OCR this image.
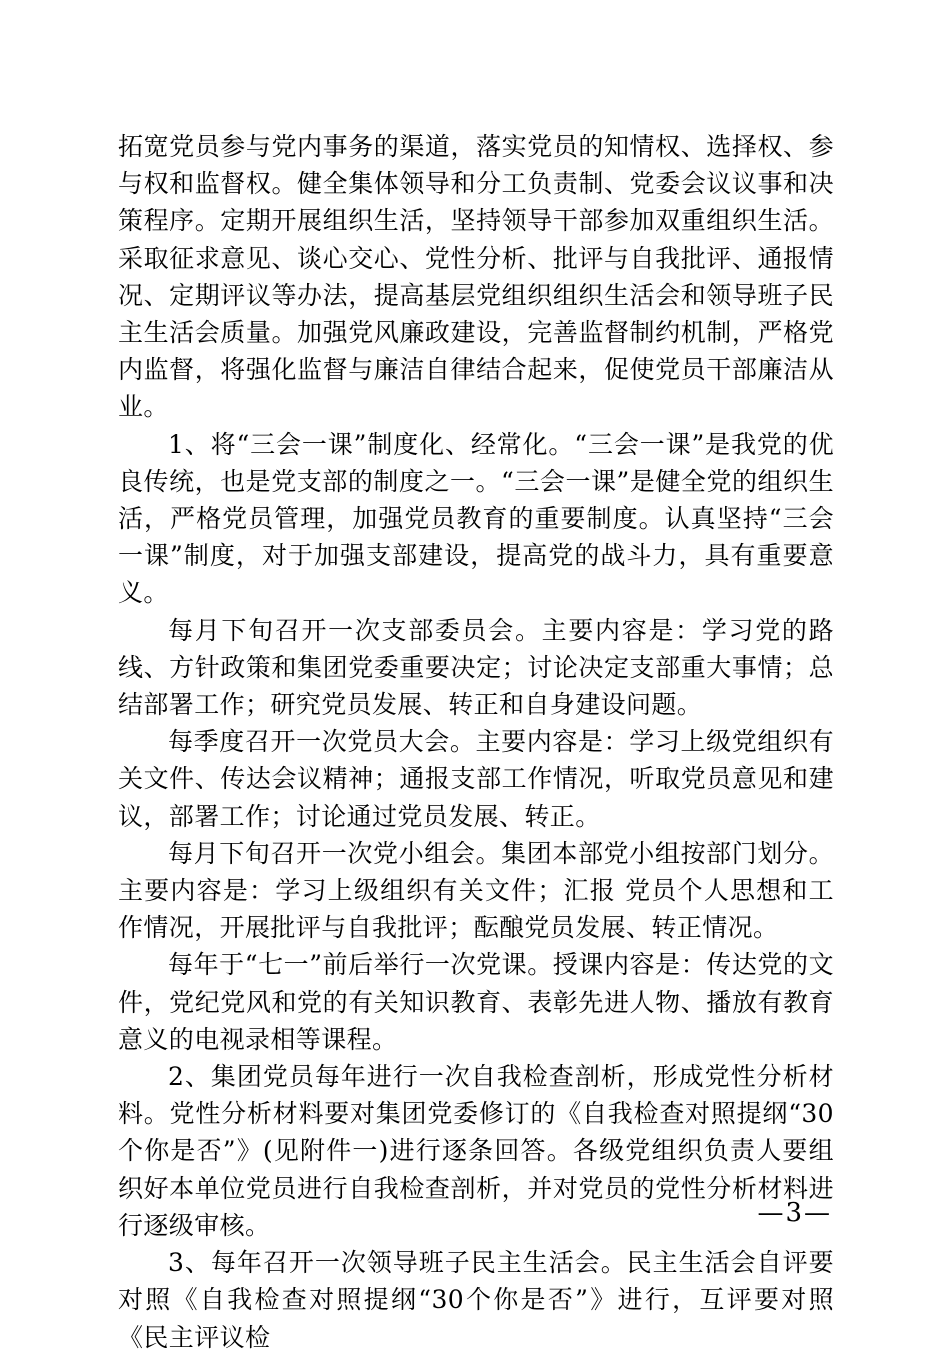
拓宽党员参与党内事务的渠道，落实党员的知情权、选择权、参与权和监督权。健全集体领导和分工负责制、党委会议议事和决策程序。定期开展组织生活，坚持领导干部参加双重组织生活。采取征求意见、谈心交心、党性分析、批评与自我批评、通报情况、定期评议等办法，提高基层党组织组织生活会和领导班子民主生活会质量。加强党风廉政建设，完善监督制约机制，严格党内监督，将强化监督与廉洁自律结合起来，促使党员干部廉洁从业。

1、将“三会一课”制度化、经常化。“三会一课”是我党的优良传统，也是党支部的制度之一。“三会一课”是健全党的组织生活，严格党员管理，加强党员教育的重要制度。认真坚持“三会一课”制度，对于加强支部建设，提高党的战斗力，具有重要意义。

每月下旬召开一次支部委员会。主要内容是：学习党的路线、方针政策和集团党委重要决定；讨论决定支部重大事情；总结部署工作；研究党员发展、转正和自身建设问题。

每季度召开一次党员大会。主要内容是：学习上级党组织有关文件、传达会议精神；通报支部工作情况，听取党员意见和建议，部署工作；讨论通过党员发展、转正。

每月下旬召开一次党小组会。集团本部党小组按部门划分。主要内容是：学习上级组织有关文件；汇报 党员个人思想和工作情况，开展批评与自我批评；酝酿党员发展、转正情况。

每年于“七一”前后举行一次党课。授课内容是：传达党的文件，党纪党风和党的有关知识教育、表彰先进人物、播放有教育意义的电视录相等课程。

2、集团党员每年进行一次自我检查剖析，形成党性分析材料。党性分析材料要对集团党委修订的《自我检查对照提纲“30个你是否”》(见附件一)进行逐条回答。各级党组织负责人要组织好本单位党员进行自我检查剖析，并对党员的党性分析材料进行逐级审核。

3、每年召开一次领导班子民主生活会。民主生活会自评要对照《自我检查对照提纲“30个你是否”》进行，互评要对照《民主评议检

—3—
